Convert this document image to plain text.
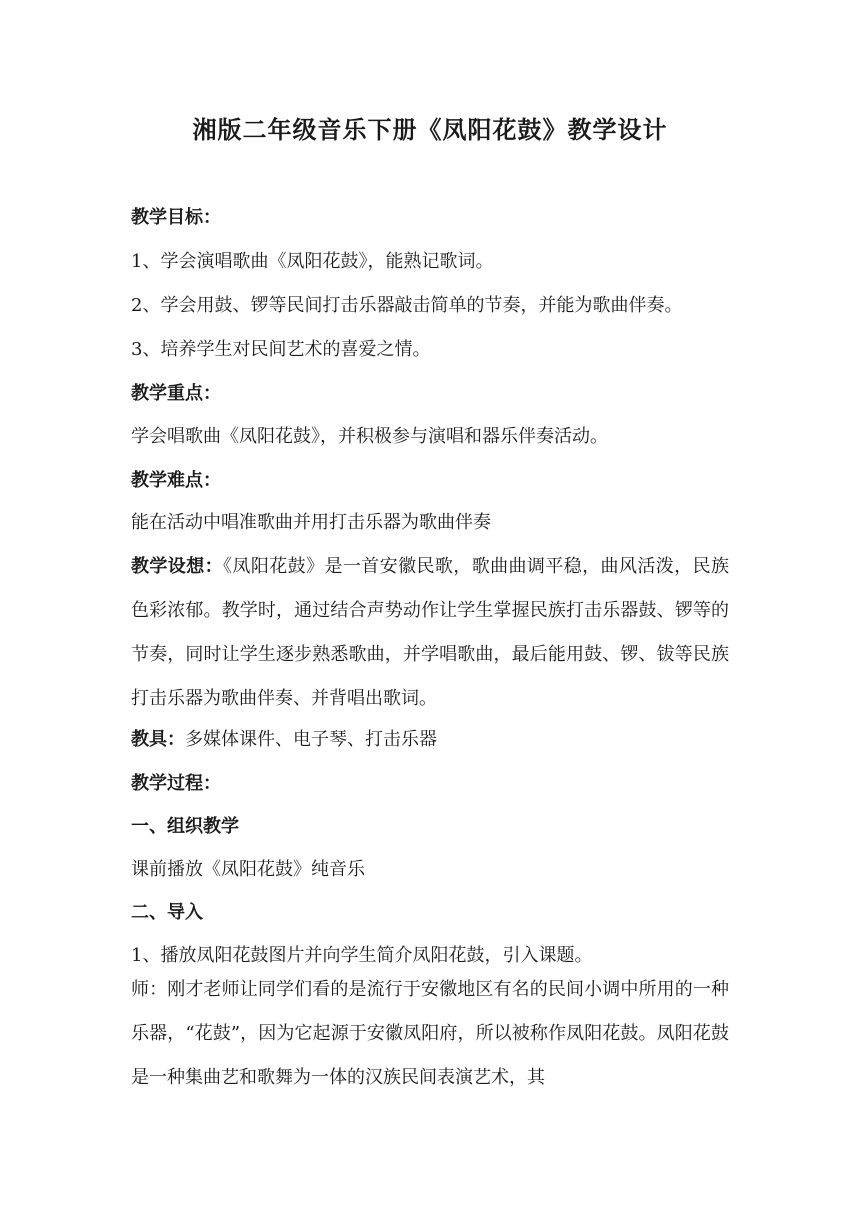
湘版二年级音乐下册《凤阳花鼓》教学设计
教学目标：
1、学会演唱歌曲《凤阳花鼓》，能熟记歌词。
2、学会用鼓、锣等民间打击乐器敲击简单的节奏，并能为歌曲伴奏。
3、培养学生对民间艺术的喜爱之情。
教学重点：
学会唱歌曲《凤阳花鼓》，并积极参与演唱和器乐伴奏活动。
教学难点：
能在活动中唱准歌曲并用打击乐器为歌曲伴奏
教学设想：《凤阳花鼓》是一首安徽民歌，歌曲曲调平稳，曲风活泼，民族色彩浓郁。教学时，通过结合声势动作让学生掌握民族打击乐器鼓、锣等的节奏，同时让学生逐步熟悉歌曲，并学唱歌曲，最后能用鼓、锣、钹等民族打击乐器为歌曲伴奏、并背唱出歌词。
教具：多媒体课件、电子琴、打击乐器
教学过程：
一、组织教学
课前播放《凤阳花鼓》纯音乐
二、导入
1、播放凤阳花鼓图片并向学生简介凤阳花鼓，引入课题。
师：刚才老师让同学们看的是流行于安徽地区有名的民间小调中所用的一种乐器，“花鼓”，因为它起源于安徽凤阳府，所以被称作凤阳花鼓。凤阳花鼓是一种集曲艺和歌舞为一体的汉族民间表演艺术，其
